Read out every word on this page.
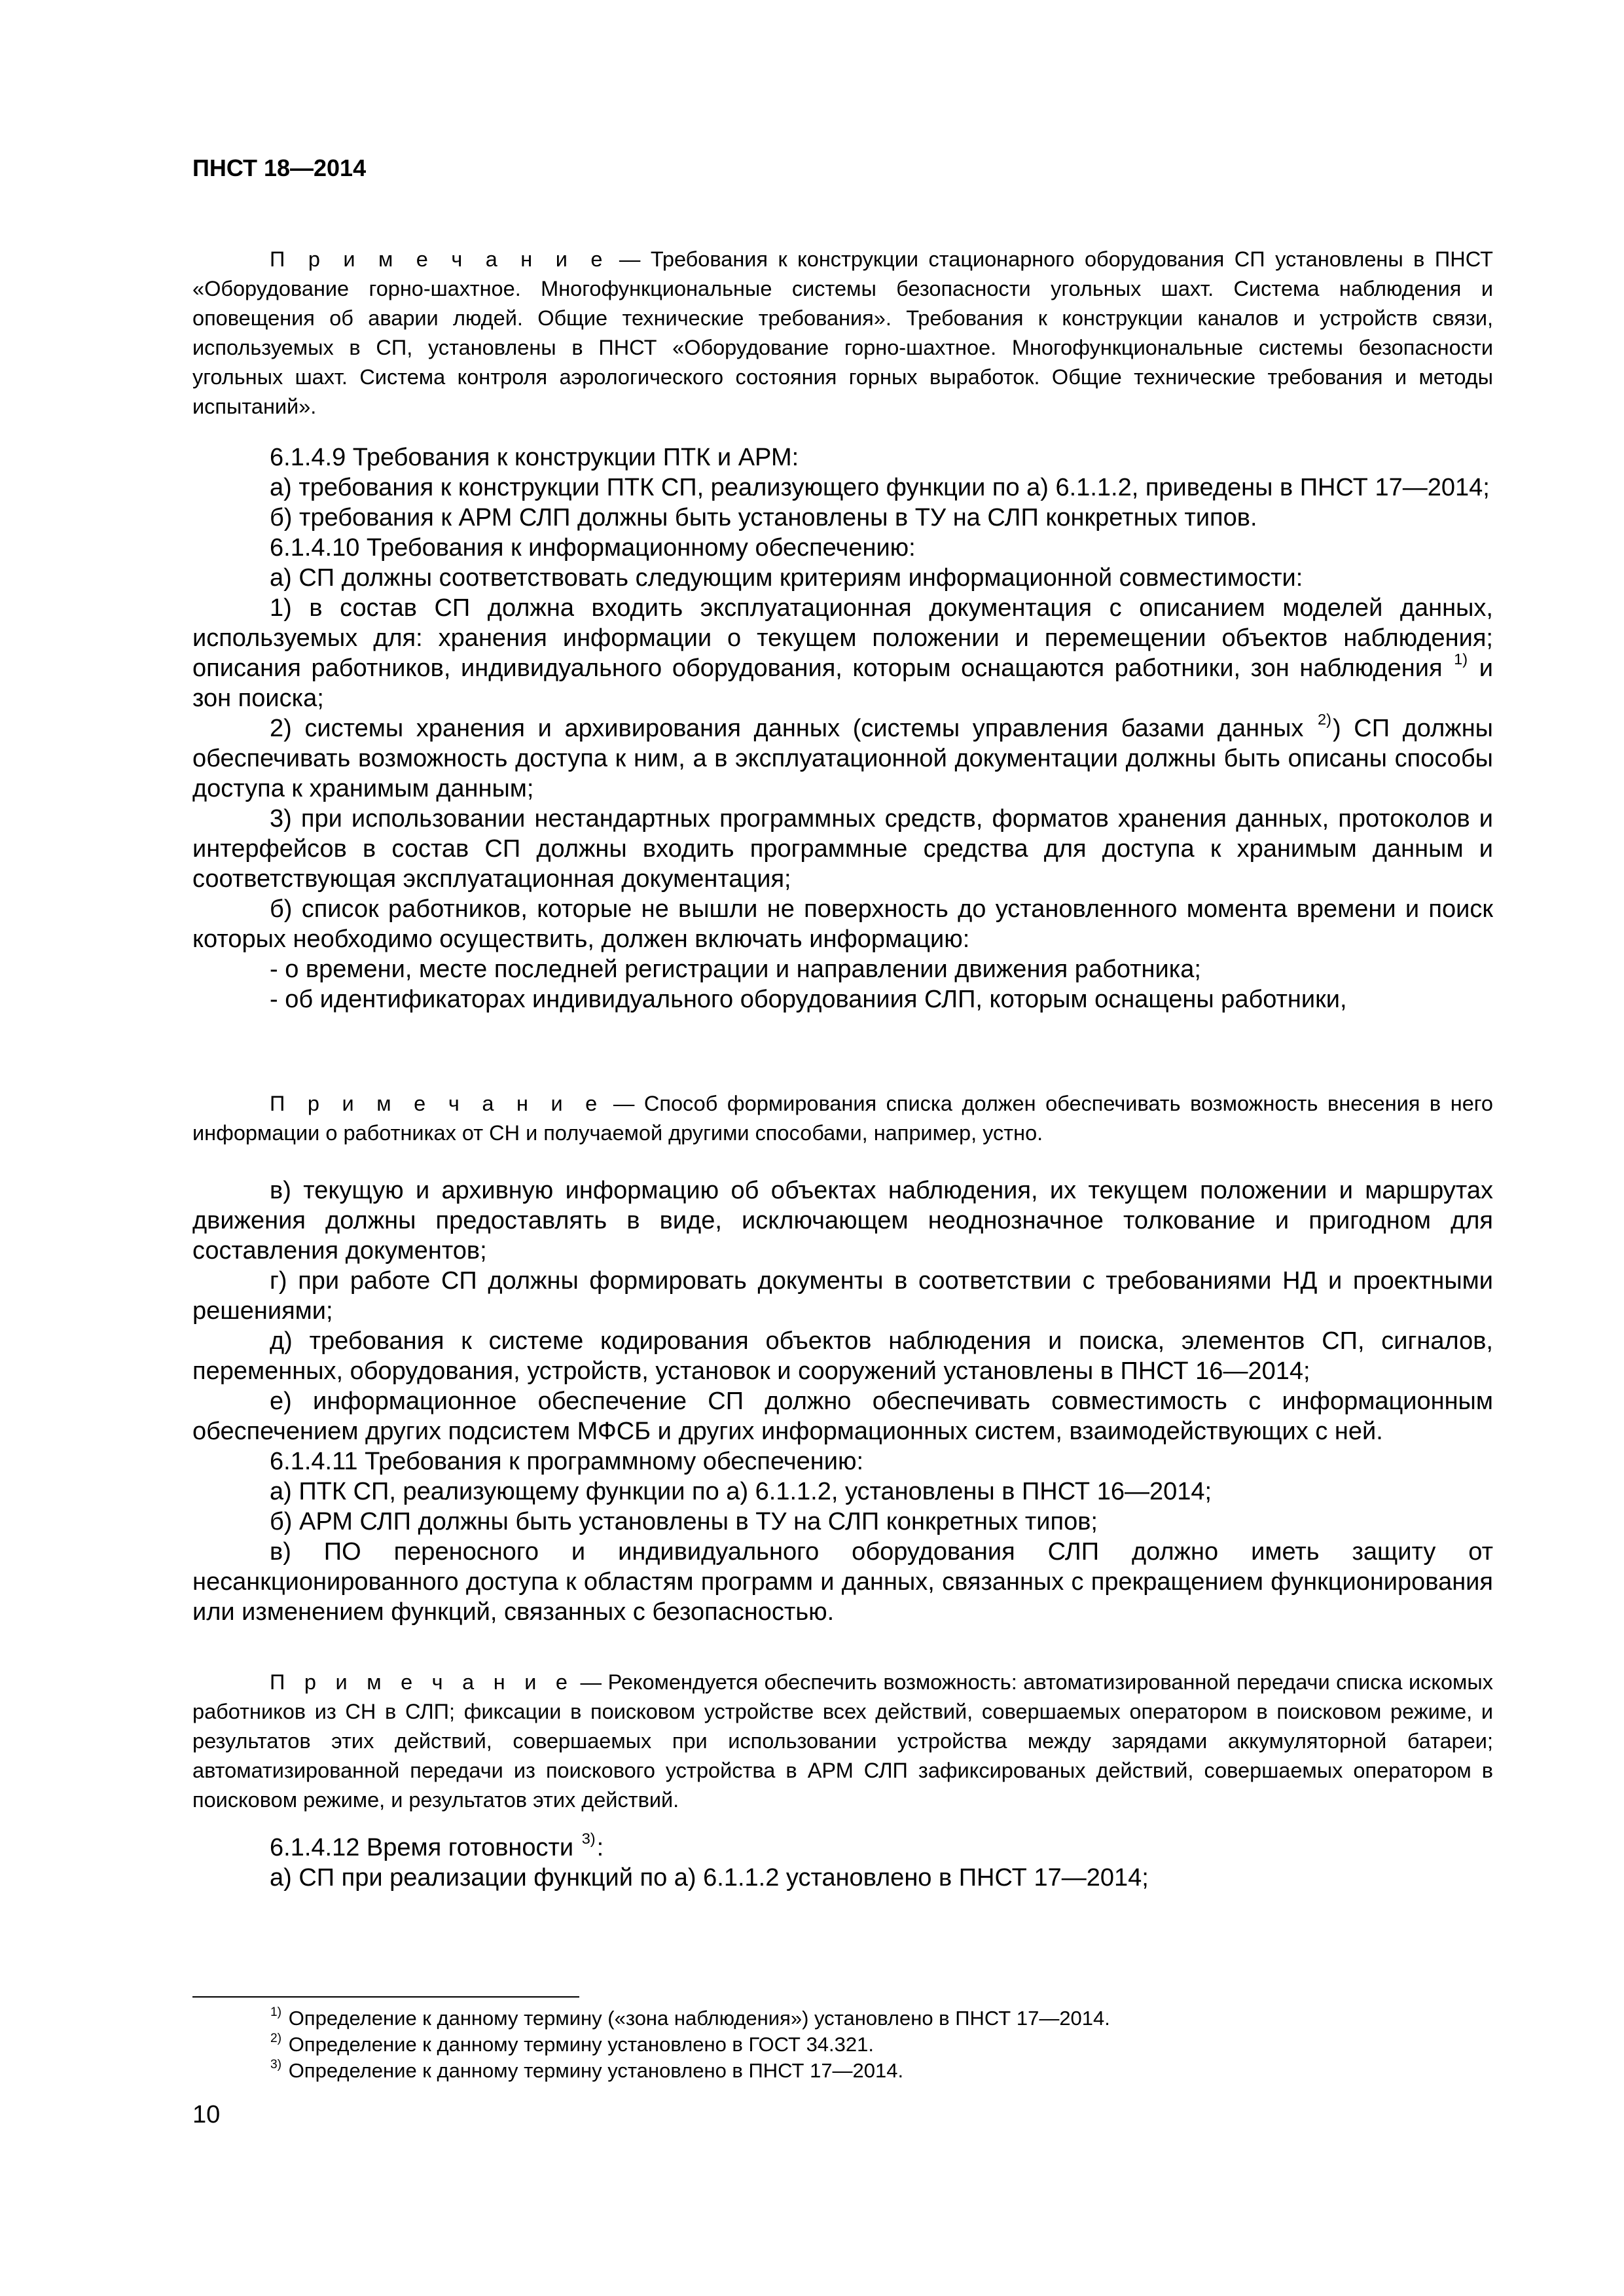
ПНСТ 18—2014

П р и м е ч а н и е — Требования к конструкции стационарного оборудования СП установлены в ПНСТ «Оборудование горно-шахтное. Многофункциональные системы безопасности угольных шахт. Система наблюдения и оповещения об аварии людей. Общие технические требования». Требования к конструкции каналов и устройств связи, используемых в СП, установлены в ПНСТ «Оборудование горно-шахтное. Многофункциональные системы безопасности угольных шахт. Система контроля аэрологического состояния горных выработок. Общие технические требования и методы испытаний».

6.1.4.9 Требования к конструкции ПТК и АРМ:

а) требования к конструкции ПТК СП, реализующего функции по а) 6.1.1.2, приведены в ПНСТ 17—2014;

б) требования к АРМ СЛП должны быть установлены в ТУ на СЛП конкретных типов.

6.1.4.10 Требования к информационному обеспечению:

а) СП должны соответствовать следующим критериям информационной совместимости:

1) в состав СП должна входить эксплуатационная документация с описанием моделей данных, используемых для: хранения информации о текущем положении и перемещении объектов наблюдения; описания работников, индивидуального оборудования, которым оснащаются работники, зон наблюдения $^{1)}$ и зон поиска;

2) системы хранения и архивирования данных (системы управления базами данных $^{2)}$) СП должны обеспечивать возможность доступа к ним, а в эксплуатационной документации должны быть описаны способы доступа к хранимым данным;

3) при использовании нестандартных программных средств, форматов хранения данных, протоколов и интерфейсов в состав СП должны входить программные средства для доступа к хранимым данным и соответствующая эксплуатационная документация;

б) список работников, которые не вышли не поверхность до установленного момента времени и поиск которых необходимо осуществить, должен включать информацию:

- о времени, месте последней регистрации и направлении движения работника;

- об идентификаторах индивидуального оборудованиия СЛП, которым оснащены работники,

П р и м е ч а н и е — Способ формирования списка должен обеспечивать возможность внесения в него информации о работниках от СН и получаемой другими способами, например, устно.

в) текущую и архивную информацию об объектах наблюдения, их текущем положении и маршрутах движения должны предоставлять в виде, исключающем неоднозначное толкование и пригодном для составления документов;

г) при работе СП должны формировать документы в соответствии с требованиями НД и проектными решениями;

д) требования к системе кодирования объектов наблюдения и поиска, элементов СП, сигналов, переменных, оборудования, устройств, установок и сооружений установлены в ПНСТ 16—2014;

е) информационное обеспечение СП должно обеспечивать совместимость с информационным обеспечением других подсистем МФСБ и других информационных систем, взаимодействующих с ней.

6.1.4.11 Требования к программному обеспечению:

а) ПТК СП, реализующему функции по а) 6.1.1.2, установлены в ПНСТ 16—2014;

б) АРМ СЛП должны быть установлены в ТУ на СЛП конкретных типов;

в) ПО переносного и индивидуального оборудования СЛП должно иметь защиту от несанкционированного доступа к областям программ и данных, связанных с прекращением функционирования или изменением функций, связанных с безопасностью.

П р и м е ч а н и е — Рекомендуется обеспечить возможность: автоматизированной передачи списка искомых работников из СН в СЛП; фиксации в поисковом устройстве всех действий, совершаемых оператором в поисковом режиме, и результатов этих действий, совершаемых при использовании устройства между зарядами аккумуляторной батареи; автоматизированной передачи из поискового устройства в АРМ СЛП зафиксированых действий, совершаемых оператором в поисковом режиме, и результатов этих действий.

6.1.4.12 Время готовности $^{3)}$:

а) СП при реализации функций по а) 6.1.1.2 установлено в ПНСТ 17—2014;

$^{1)}$ Определение к данному термину («зона наблюдения») установлено в ПНСТ 17—2014.

$^{2)}$ Определение к данному термину установлено в ГОСТ 34.321.

$^{3)}$ Определение к данному термину установлено в ПНСТ 17—2014.

10
